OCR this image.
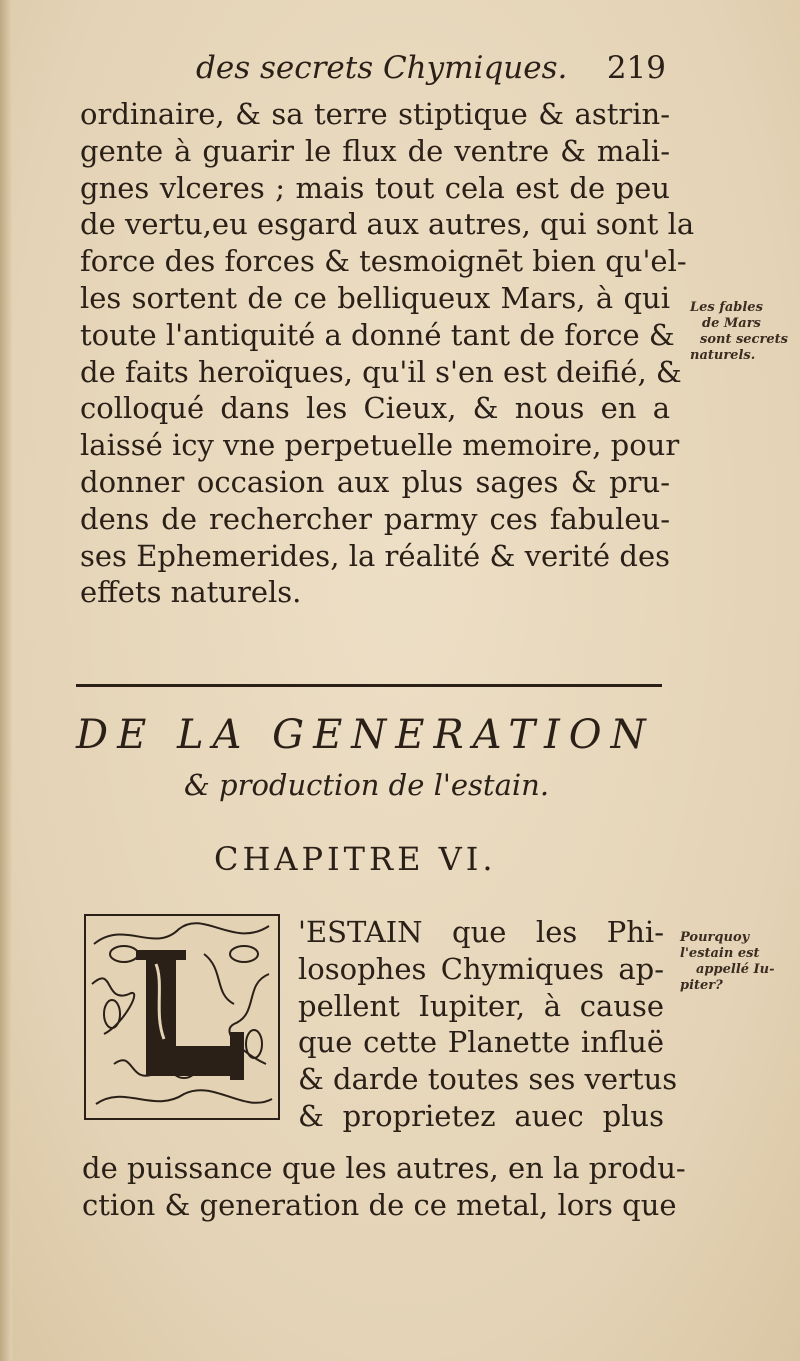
des secrets Chymiques. 219
ordinaire, & sa terre stiptique & astrin-
gente à guarir le flux de ventre & mali-
gnes vlceres ; mais tout cela est de peu
de vertu,eu esgard aux autres, qui sont la
force des forces & tesmoignēt bien qu'el-
les sortent de ce belliqueux Mars, à qui
toute l'antiquité a donné tant de force &
de faits heroïques, qu'il s'en est deifié, &
colloqué dans les Cieux, & nous en a
laissé icy vne perpetuelle memoire, pour
donner occasion aux plus sages & pru-
dens de rechercher parmy ces fabuleu-
ses Ephemerides, la réalité & verité des
effets naturels.
Les fables
de Mars
sont secrets
naturels.
DE LA GENERATION
& production de l'estain.
CHAPITRE VI.
'ESTAIN que les Phi-
losophes Chymiques ap-
pellent Iupiter, à cause
que cette Planette influë
& darde toutes ses vertus
& proprietez auec plus
de puissance que les autres, en la produ-
ction & generation de ce metal, lors que
Pourquoy
l'estain est
appellé Iu-
piter?
